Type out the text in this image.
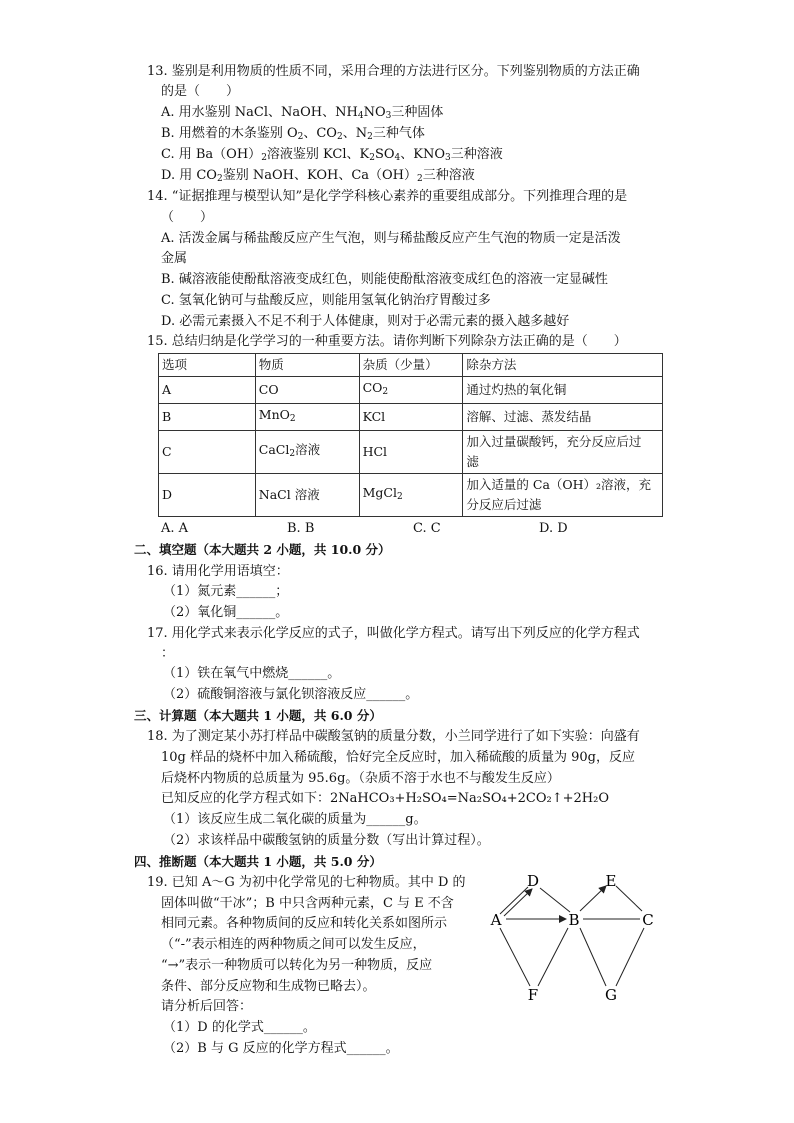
13. 鉴别是利用物质的性质不同，采用合理的方法进行区分。下列鉴别物质的方法正确
的是（　　）
A. 用水鉴别 NaCl、NaOH、$NH_4NO_3$三种固体
B. 用燃着的木条鉴别 $O_2$、$CO_2$、$N_2$三种气体
C. 用 $Ba(OH)_2$溶液鉴别 KCl、$K_2SO_4$、$KNO_3$三种溶液
D. 用 $CO_2$鉴别 NaOH、KOH、$Ca(OH)_2$三种溶液
14. “证据推理与模型认知”是化学学科核心素养的重要组成部分。下列推理合理的是
（　　）
A. 活泼金属与稀盐酸反应产生气泡，则与稀盐酸反应产生气泡的物质一定是活泼
金属
B. 碱溶液能使酚酞溶液变成红色，则能使酚酞溶液变成红色的溶液一定显碱性
C. 氢氧化钠可与盐酸反应，则能用氢氧化钠治疗胃酸过多
D. 必需元素摄入不足不利于人体健康，则对于必需元素的摄入越多越好
15. 总结归纳是化学学习的一种重要方法。请你判断下列除杂方法正确的是（　　）
选项	物质	杂质（少量）	除杂方法
A	CO	$CO_2$	通过灼热的氧化铜
B	MnO$_2$	KCl	溶解、过滤、蒸发结晶
C	CaCl$_2$溶液	HCl	加入过量碳酸钙，充分反应后过
滤

D	NaCl 溶液	MgCl$_2$	加入适量的 Ca（OH）₂溶液，充
分反应后过滤
A. A	B. B	C. C	D. D
二、填空题（本大题共 2 小题，共 10.0 分）
16. 请用化学用语填空：
（1）氮元素______；
（2）氧化铜______。
17. 用化学式来表示化学反应的式子，叫做化学方程式。请写出下列反应的化学方程式
：
（1）铁在氧气中燃烧______。
（2）硫酸铜溶液与氯化钡溶液反应______。
三、计算题（本大题共 1 小题，共 6.0 分）
18. 为了测定某小苏打样品中碳酸氢钠的质量分数，小兰同学进行了如下实验：向盛有
10g 样品的烧杯中加入稀硫酸，恰好完全反应时，加入稀硫酸的质量为 90g，反应
后烧杯内物质的总质量为 95.6g。（杂质不溶于水也不与酸发生反应）
已知反应的化学方程式如下：2NaHCO₃+H₂SO₄=Na₂SO₄+2CO₂↑+2H₂O
（1）该反应生成二氧化碳的质量为______g。
（2）求该样品中碳酸氢钠的质量分数（写出计算过程）。
四、推断题（本大题共 1 小题，共 5.0 分）
19. 已知 A～G 为初中化学常见的七种物质。其中 D 的
固体叫做“干冰”；B 中只含两种元素，C 与 E 不含
相同元素。各种物质间的反应和转化关系如图所示
（“-”表示相连的两种物质之间可以发生反应，
“→”表示一种物质可以转化为另一种物质，反应
条件、部分反应物和生成物已略去）。
请分析后回答：
（1）D 的化学式______。
（2）B 与 G 反应的化学方程式______。
D	E
A	B	C
F	G
